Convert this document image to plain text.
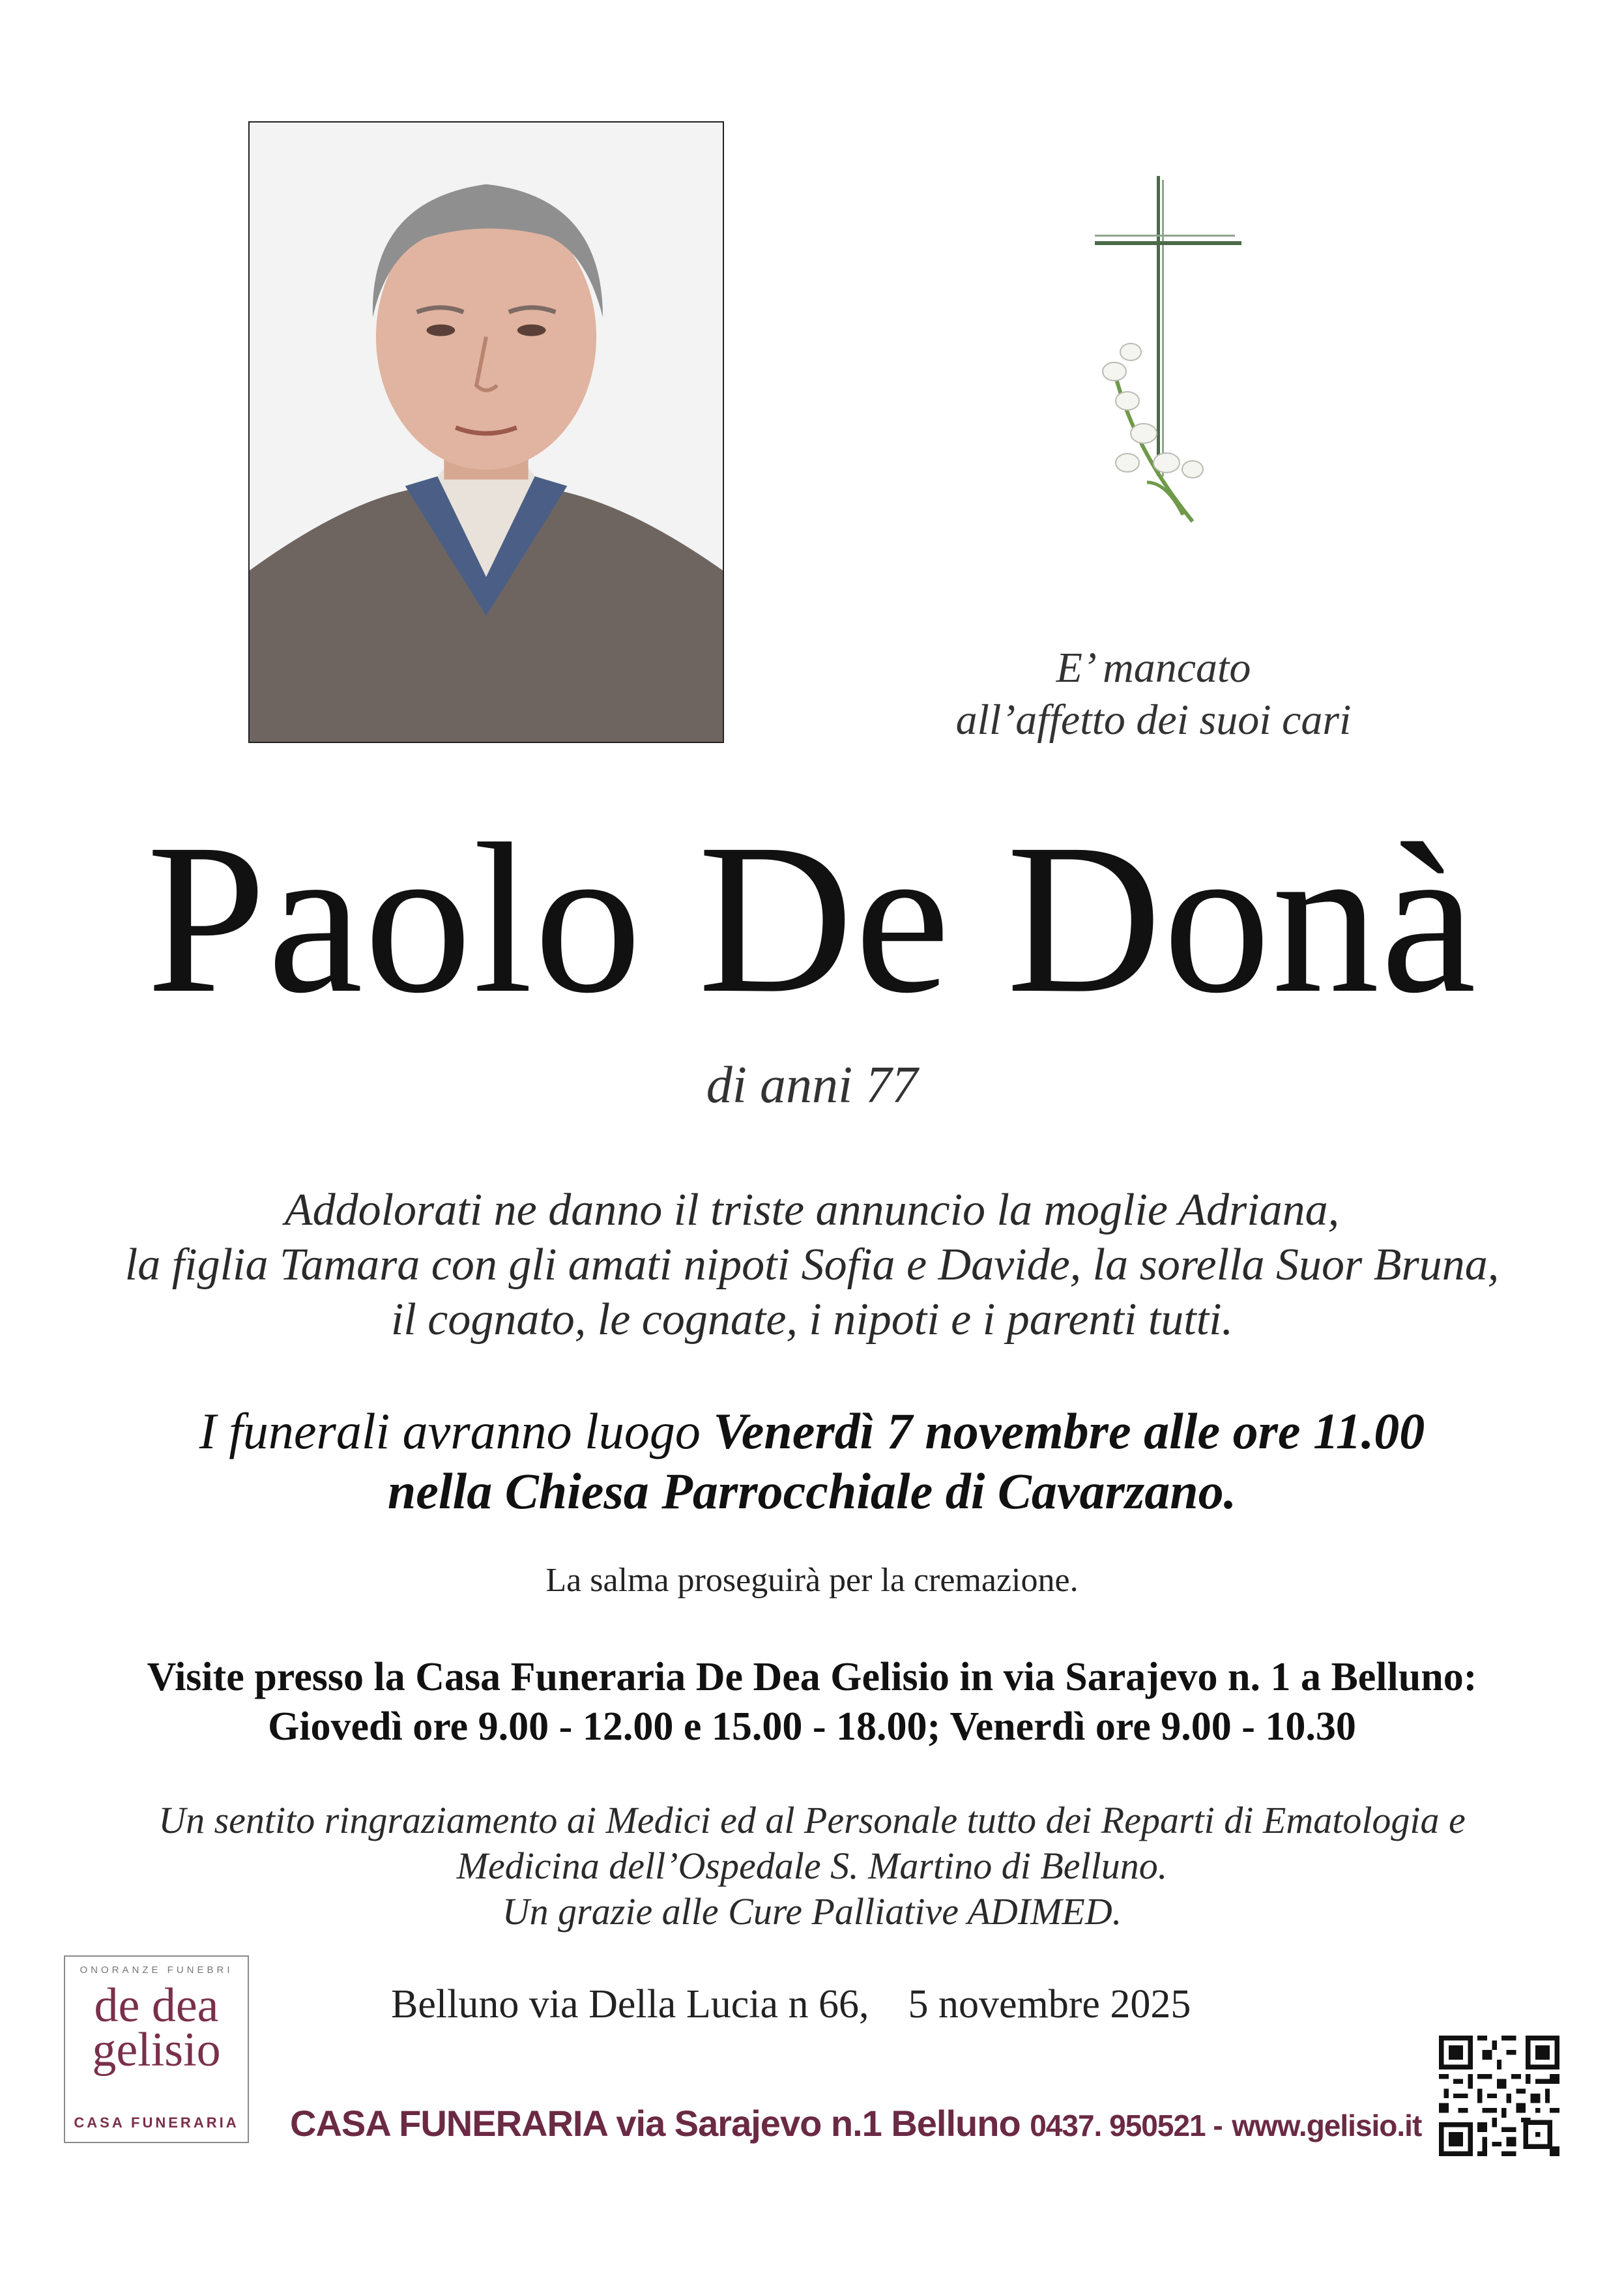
E’ mancato
all’affetto dei suoi cari
Paolo De Donà
di anni 77
Addolorati ne danno il triste annuncio la moglie Adriana,
la figlia Tamara con gli amati nipoti Sofia e Davide, la sorella Suor Bruna,
il cognato, le cognate, i nipoti e i parenti tutti.
I funerali avranno luogo Venerdì 7 novembre alle ore 11.00
nella Chiesa Parrocchiale di Cavarzano.
La salma proseguirà per la cremazione.
Visite presso la Casa Funeraria De Dea Gelisio in via Sarajevo n. 1 a Belluno:
Giovedì ore 9.00 - 12.00 e 15.00 - 18.00; Venerdì ore 9.00 - 10.30
Un sentito ringraziamento ai Medici ed al Personale tutto dei Reparti di Ematologia e
Medicina dell’Ospedale S. Martino di Belluno.
Un grazie alle Cure Palliative ADIMED.
Belluno via Della Lucia n 66, 5 novembre 2025
ONORANZE FUNEBRI
de dea
gelisio
CASA FUNERARIA CASA FUNERARIA via Sarajevo n.1 Belluno 0437. 950521 - www.gelisio.it
